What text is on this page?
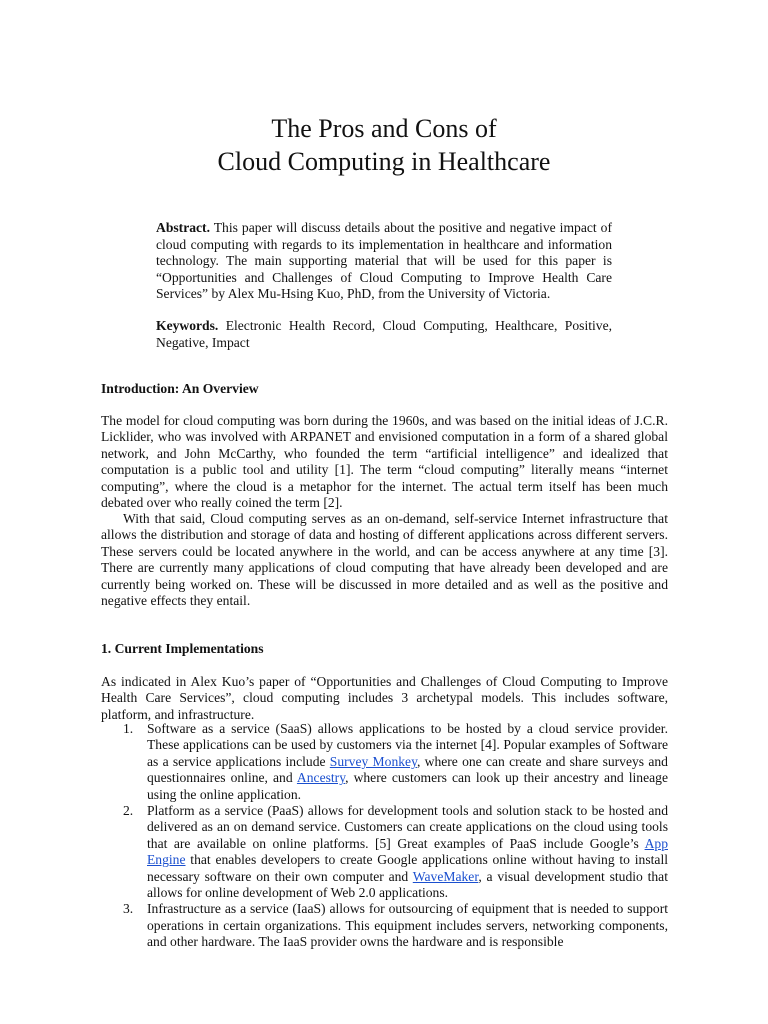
The Pros and Cons of
Cloud Computing in Healthcare
Abstract. This paper will discuss details about the positive and negative impact of cloud computing with regards to its implementation in healthcare and information technology. The main supporting material that will be used for this paper is “Opportunities and Challenges of Cloud Computing to Improve Health Care Services” by Alex Mu-Hsing Kuo, PhD, from the University of Victoria.
Keywords. Electronic Health Record, Cloud Computing, Healthcare, Positive, Negative, Impact
Introduction: An Overview
The model for cloud computing was born during the 1960s, and was based on the initial ideas of J.C.R. Licklider, who was involved with ARPANET and envisioned computation in a form of a shared global network, and John McCarthy, who founded the term “artificial intelligence” and idealized that computation is a public tool and utility [1]. The term “cloud computing” literally means “internet computing”, where the cloud is a metaphor for the internet. The actual term itself has been much debated over who really coined the term [2].
With that said, Cloud computing serves as an on-demand, self-service Internet infrastructure that allows the distribution and storage of data and hosting of different applications across different servers. These servers could be located anywhere in the world, and can be access anywhere at any time [3]. There are currently many applications of cloud computing that have already been developed and are currently being worked on. These will be discussed in more detailed and as well as the positive and negative effects they entail.
1. Current Implementations
As indicated in Alex Kuo’s paper of “Opportunities and Challenges of Cloud Computing to Improve Health Care Services”, cloud computing includes 3 archetypal models. This includes software, platform, and infrastructure.
1. Software as a service (SaaS) allows applications to be hosted by a cloud service provider. These applications can be used by customers via the internet [4]. Popular examples of Software as a service applications include Survey Monkey, where one can create and share surveys and questionnaires online, and Ancestry, where customers can look up their ancestry and lineage using the online application.
2. Platform as a service (PaaS) allows for development tools and solution stack to be hosted and delivered as an on demand service. Customers can create applications on the cloud using tools that are available on online platforms. [5] Great examples of PaaS include Google’s App Engine that enables developers to create Google applications online without having to install necessary software on their own computer and WaveMaker, a visual development studio that allows for online development of Web 2.0 applications.
3. Infrastructure as a service (IaaS) allows for outsourcing of equipment that is needed to support operations in certain organizations. This equipment includes servers, networking components, and other hardware. The IaaS provider owns the hardware and is responsible
